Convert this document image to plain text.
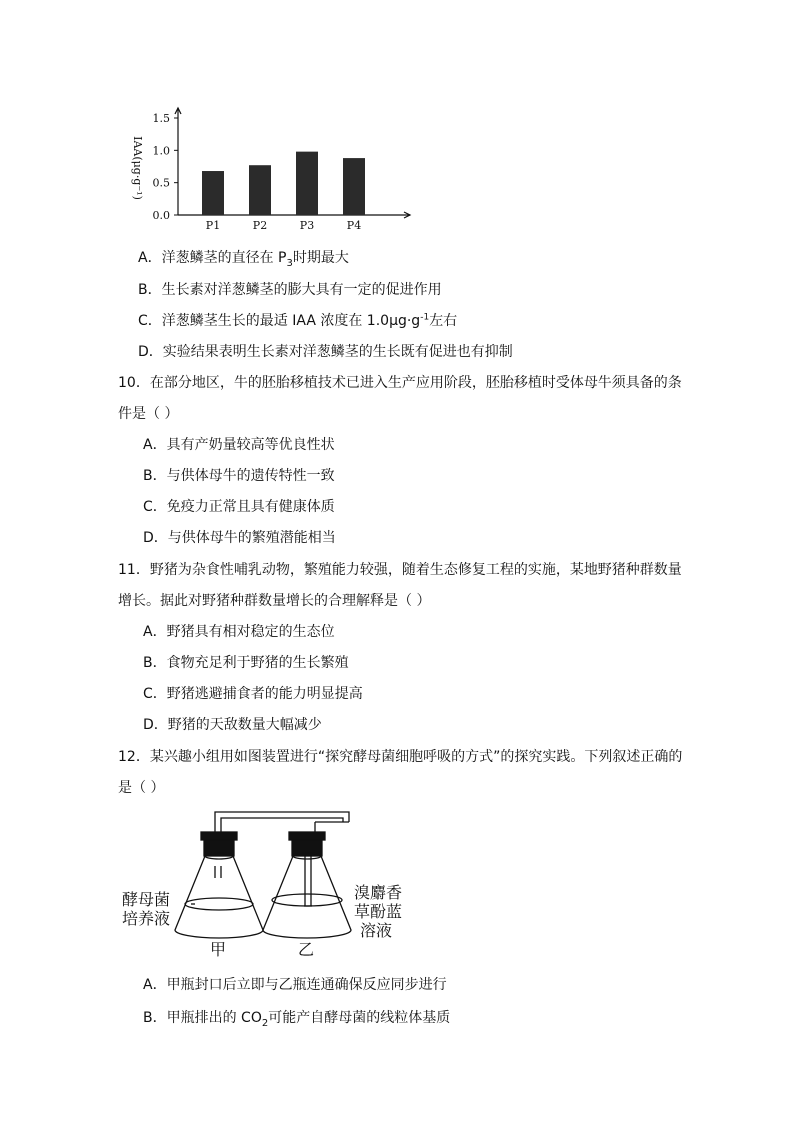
IAA(μg·g⁻¹)
0.0
0.5
1.0
1.5
P1	P2	P3	P4
A．洋葱鳞茎的直径在 $P_3$时期最大
B．生长素对洋葱鳞茎的膨大具有一定的促进作用
C．洋葱鳞茎生长的最适 IAA 浓度在 $1.0\mu g\cdot g^{-1}$左右
D．实验结果表明生长素对洋葱鳞茎的生长既有促进也有抑制
10．在部分地区，牛的胚胎移植技术已进入生产应用阶段，胚胎移植时受体母牛须具备的条
件是（ ）
A．具有产奶量较高等优良性状
B．与供体母牛的遗传特性一致
C．免疫力正常且具有健康体质
D．与供体母牛的繁殖潜能相当
11．野猪为杂食性哺乳动物，繁殖能力较强，随着生态修复工程的实施，某地野猪种群数量
增长。据此对野猪种群数量增长的合理解释是（ ）
A．野猪具有相对稳定的生态位
B．食物充足利于野猪的生长繁殖
C．野猪逃避捕食者的能力明显提高
D．野猪的天敌数量大幅减少
12．某兴趣小组用如图装置进行“探究酵母菌细胞呼吸的方式”的探究实践。下列叙述正确的
是（ ）
酵母菌
培养液
溴麝香
草酚蓝
溶液
甲	乙
A．甲瓶封口后立即与乙瓶连通确保反应同步进行
B．甲瓶排出的 $CO_2$可能产自酵母菌的线粒体基质
